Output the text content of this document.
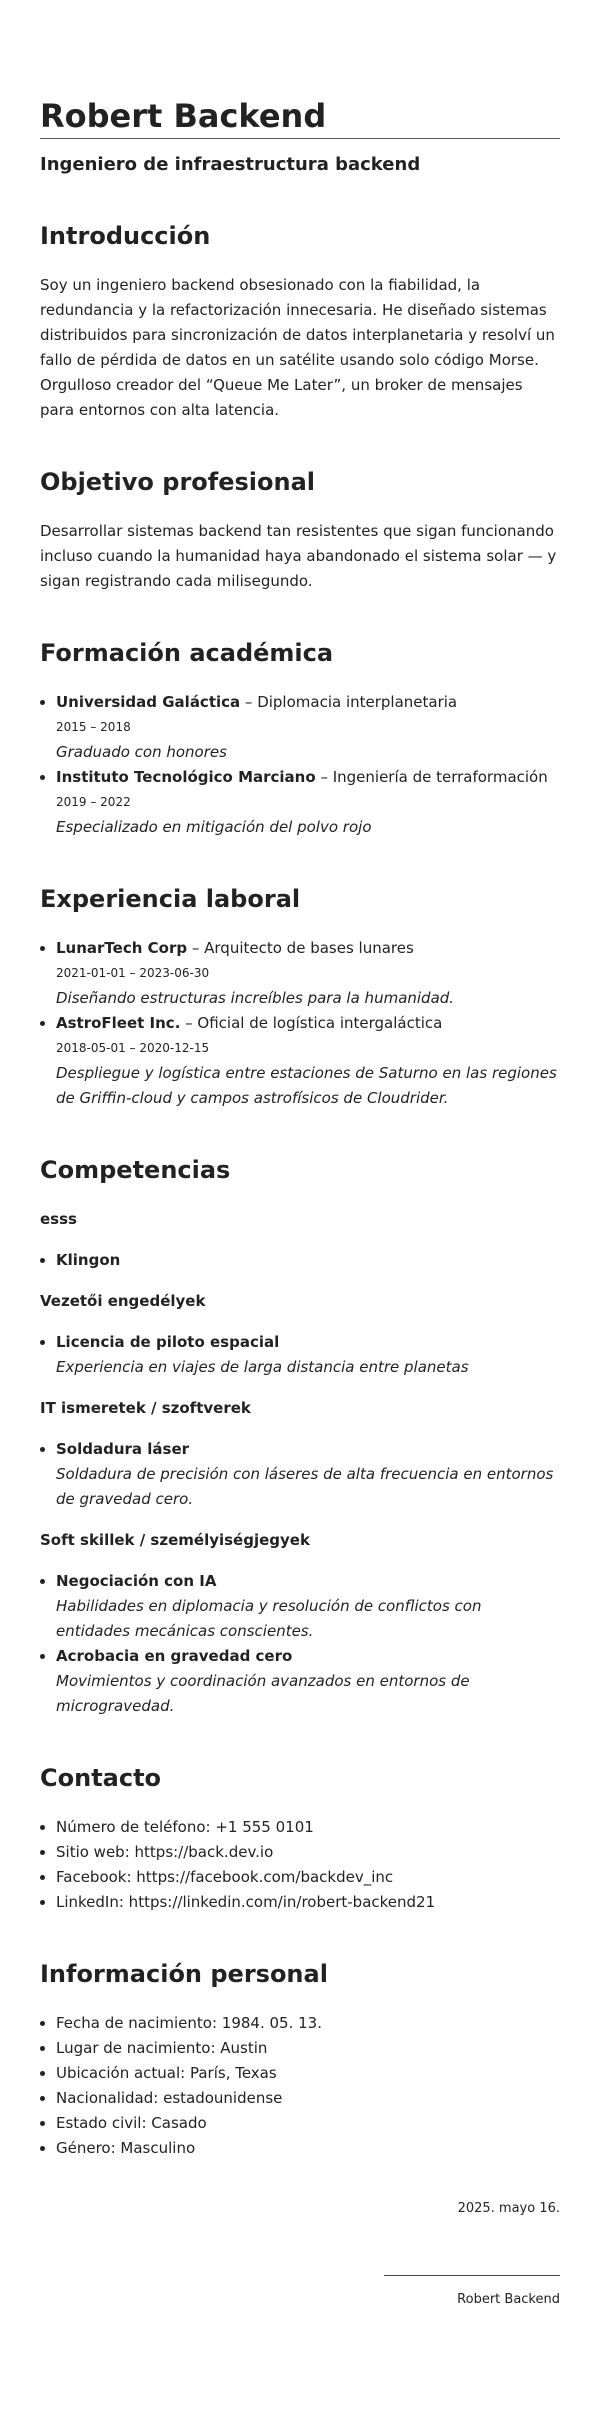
Robert Backend
Ingeniero de infraestructura backend
Introducción

Soy un ingeniero backend obsesionado con la fiabilidad, la redundancia y la refactorización innecesaria. He diseñado sistemas distribuidos para sincronización de datos interplanetaria y resolví un fallo de pérdida de datos en un satélite usando solo código Morse. Orgulloso creador del “Queue Me Later”, un broker de mensajes para entornos con alta latencia.

Objetivo profesional

Desarrollar sistemas backend tan resistentes que sigan funcionando incluso cuando la humanidad haya abandonado el sistema solar — y sigan registrando cada milisegundo.

Formación académica
• Universidad Galáctica – Diplomacia interplanetaria
2015 – 2018
Graduado con honores
• Instituto Tecnológico Marciano – Ingeniería de terraformación
2019 – 2022
Especializado en mitigación del polvo rojo
Experiencia laboral
• LunarTech Corp – Arquitecto de bases lunares
2021-01-01 – 2023-06-30
Diseñando estructuras increíbles para la humanidad.
• AstroFleet Inc. – Oficial de logística intergaláctica
2018-05-01 – 2020-12-15
Despliegue y logística entre estaciones de Saturno en las regiones de Griffin-cloud y campos astrofísicos de Cloudrider.
Competencias
esss
• Klingon
Vezetői engedélyek
• Licencia de piloto espacial
Experiencia en viajes de larga distancia entre planetas
IT ismeretek / szoftverek
• Soldadura láser
Soldadura de precisión con láseres de alta frecuencia en entornos de gravedad cero.
Soft skillek / személyiségjegyek
• Negociación con IA
Habilidades en diplomacia y resolución de conflictos con entidades mecánicas conscientes.
• Acrobacia en gravedad cero
Movimientos y coordinación avanzados en entornos de microgravedad.
Contacto
• Número de teléfono: +1 555 0101
• Sitio web: https://back.dev.io
• Facebook: https://facebook.com/backdev_inc
• LinkedIn: https://linkedin.com/in/robert-backend21
Información personal
• Fecha de nacimiento: 1984. 05. 13.
• Lugar de nacimiento: Austin
• Ubicación actual: París, Texas
• Nacionalidad: estadounidense
• Estado civil: Casado
• Género: Masculino
2025. mayo 16.
Robert Backend
